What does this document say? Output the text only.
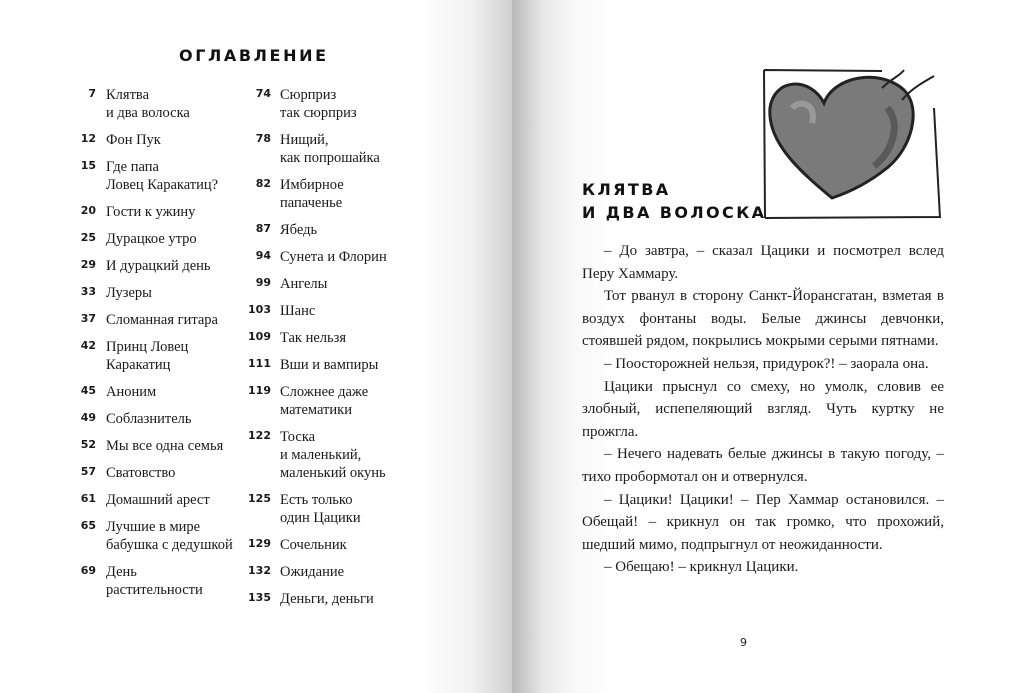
ОГЛАВЛЕНИЕ
7 Клятва
и два волоска
12 Фон Пук
15 Где папа
Ловец Каракатиц?
20 Гости к ужину
25 Дурацкое утро
29 И дурацкий день
33 Лузеры
37 Сломанная гитара
42 Принц Ловец
Каракатиц
45 Аноним
49 Соблазнитель
52 Мы все одна семья
57 Сватовство
61 Домашний арест
65 Лучшие в мире
бабушка с дедушкой
69 День
растительности
74 Сюрприз
так сюрприз
78 Нищий,
как попрошайка
82 Имбирное
папаченье
87 Ябедь
94 Сунета и Флорин
99 Ангелы
103 Шанс
109 Так нельзя
111 Вши и вампиры
119 Сложнее даже
математики
122 Тоска
и маленький,
маленький окунь
125 Есть только
один Цацики
129 Сочельник
132 Ожидание
135 Деньги, деньги
КЛЯТВА
И ДВА ВОЛОСКА

– До завтра, – сказал Цацики и посмотрел вслед Перу Хаммару.

Тот рванул в сторону Санкт-Йорансгатан, взметая в воздух фонтаны воды. Белые джинсы девчонки, стоявшей рядом, покрылись мокрыми серыми пятнами.

– Поосторожней нельзя, придурок?! – заорала она.

Цацики прыснул со смеху, но умолк, словив ее злобный, испепеляющий взгляд. Чуть куртку не прожгла.

– Нечего надевать белые джинсы в такую погоду, – тихо пробормотал он и отвернулся.

– Цацики! Цацики! – Пер Хаммар остановился. – Обещай! – крикнул он так громко, что прохожий, шедший мимо, подпрыгнул от неожиданности.

– Обещаю! – крикнул Цацики.

9
